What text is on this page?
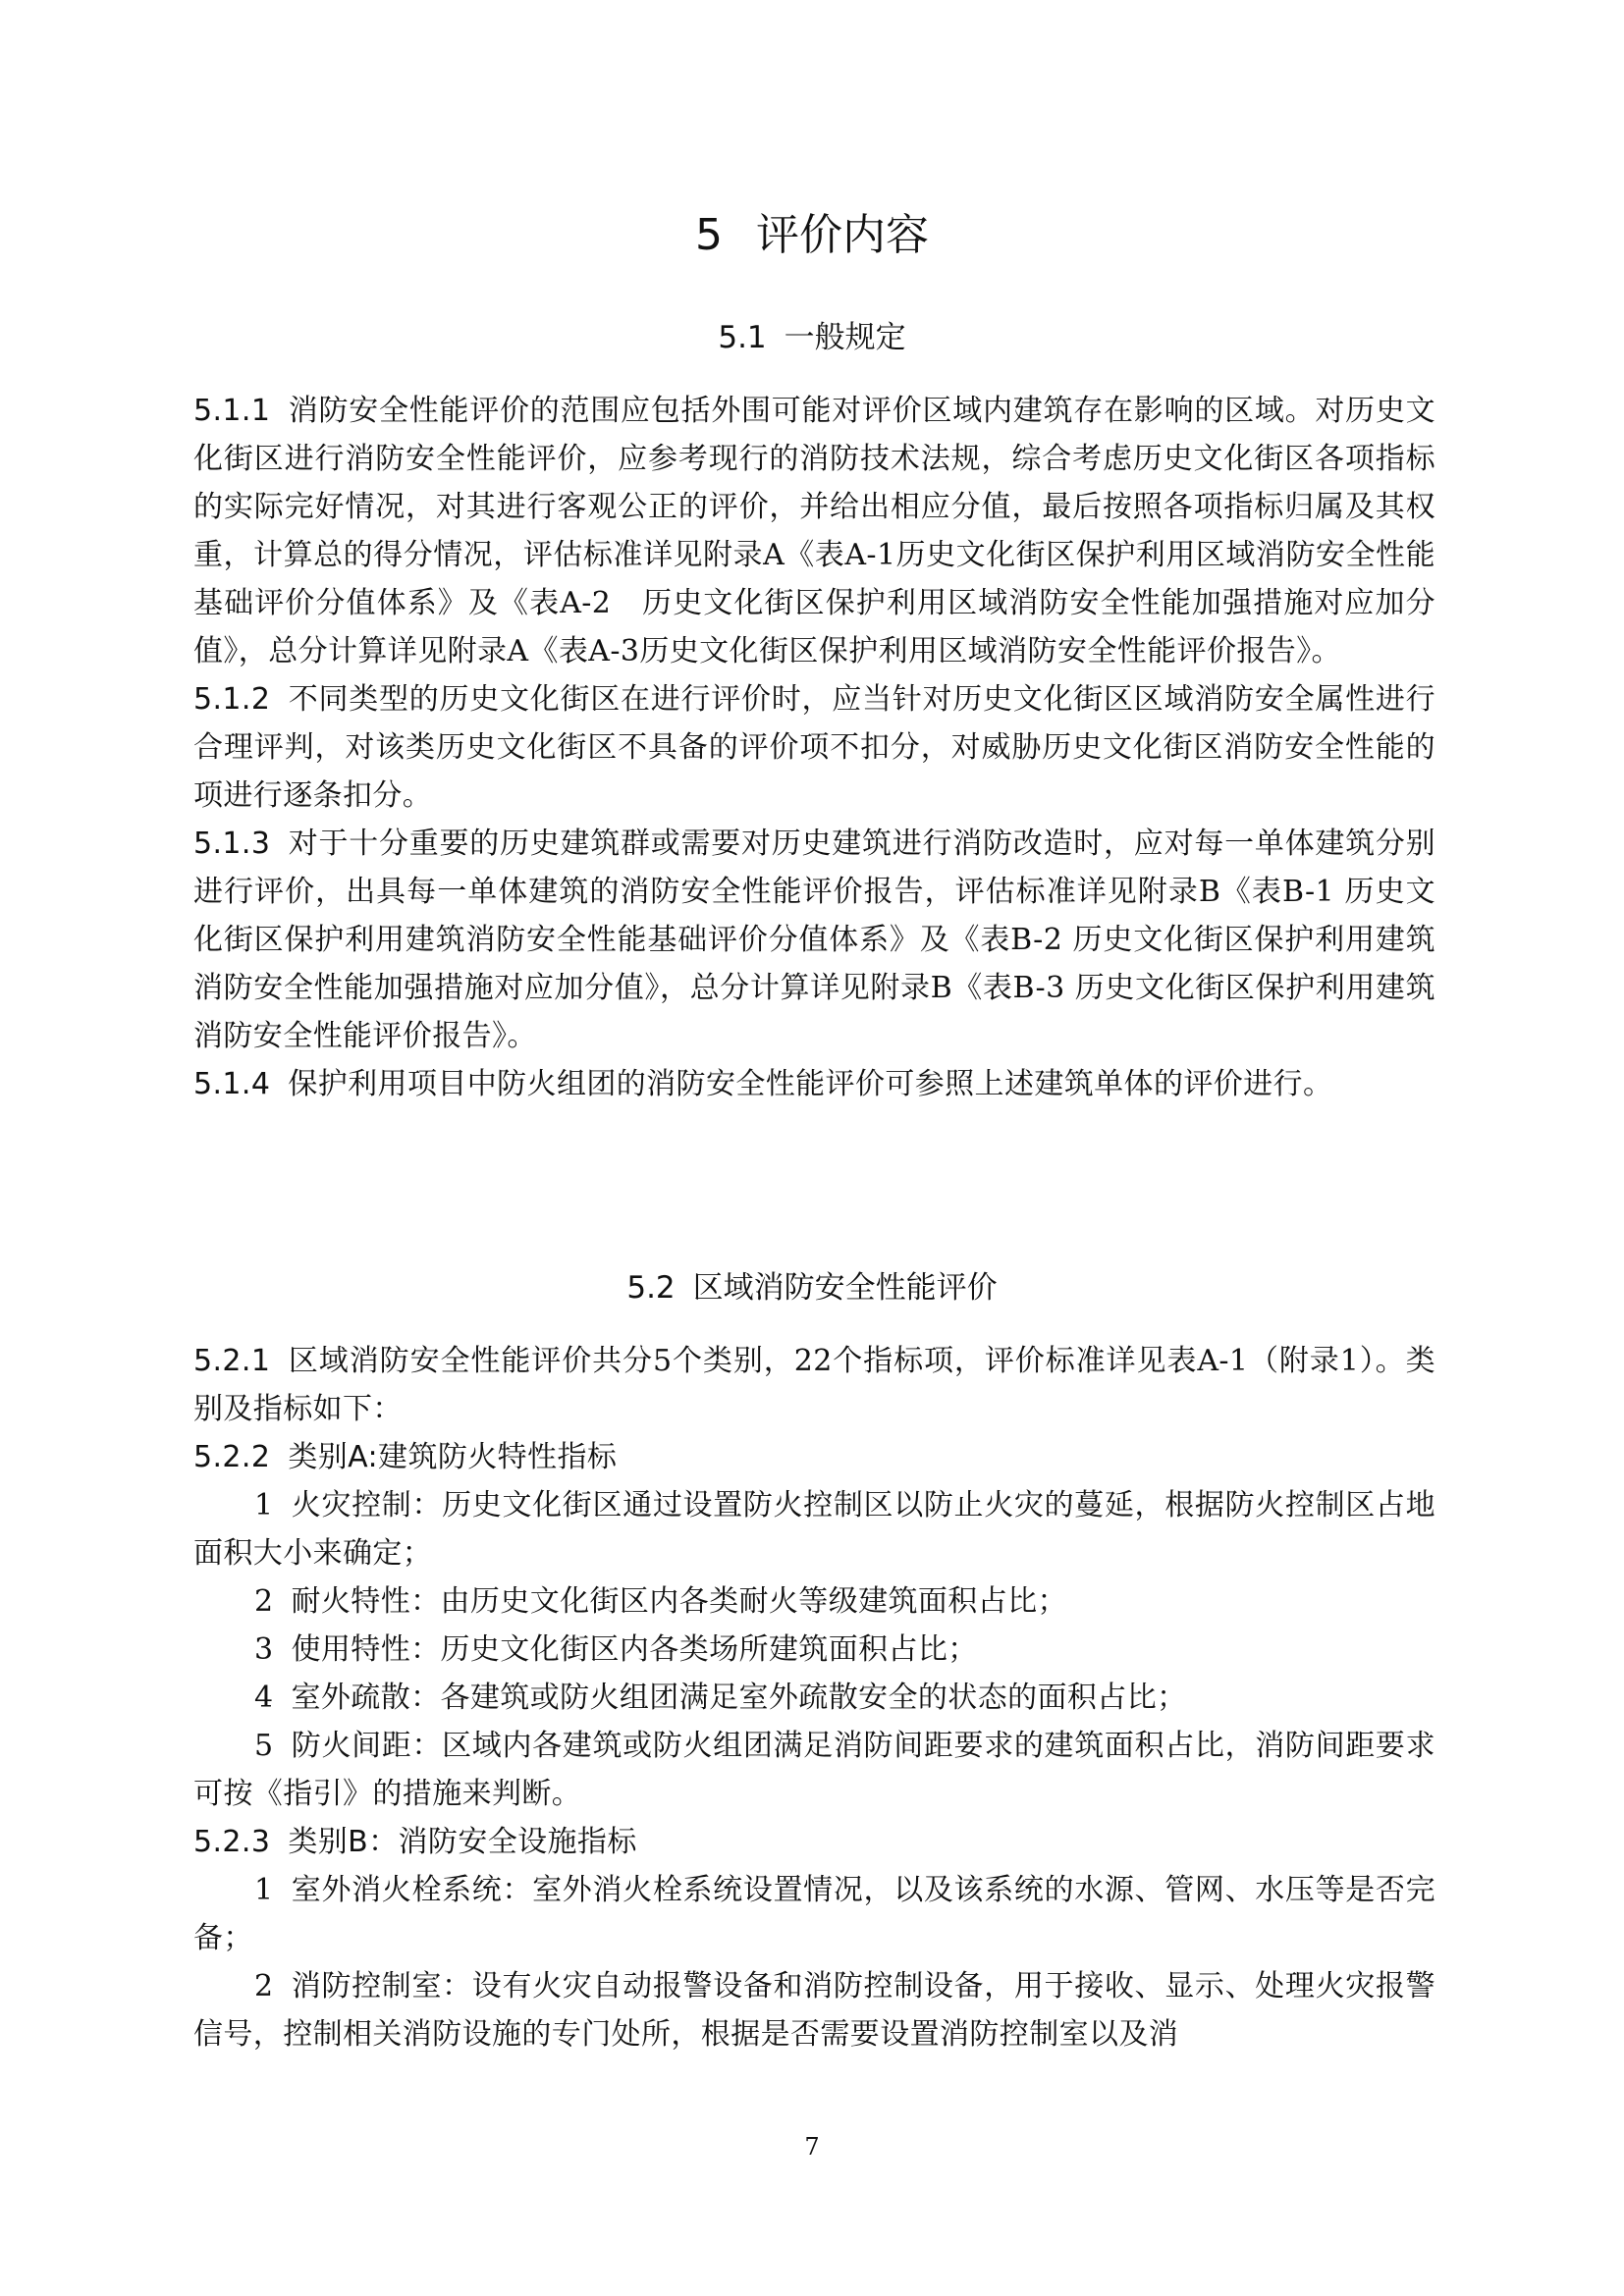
5 评价内容
5.1 一般规定
5.1.1 消防安全性能评价的范围应包括外围可能对评价区域内建筑存在影响的区域。对历史文化街区进行消防安全性能评价，应参考现行的消防技术法规，综合考虑历史文化街区各项指标的实际完好情况，对其进行客观公正的评价，并给出相应分值，最后按照各项指标归属及其权重，计算总的得分情况，评估标准详见附录A《表A-1历史文化街区保护利用区域消防安全性能基础评价分值体系》及《表A-2　历史文化街区保护利用区域消防安全性能加强措施对应加分值》，总分计算详见附录A《表A-3历史文化街区保护利用区域消防安全性能评价报告》。
5.1.2 不同类型的历史文化街区在进行评价时，应当针对历史文化街区区域消防安全属性进行合理评判，对该类历史文化街区不具备的评价项不扣分，对威胁历史文化街区消防安全性能的项进行逐条扣分。
5.1.3 对于十分重要的历史建筑群或需要对历史建筑进行消防改造时，应对每一单体建筑分别进行评价，出具每一单体建筑的消防安全性能评价报告，评估标准详见附录B《表B-1 历史文化街区保护利用建筑消防安全性能基础评价分值体系》及《表B-2 历史文化街区保护利用建筑消防安全性能加强措施对应加分值》，总分计算详见附录B《表B-3 历史文化街区保护利用建筑消防安全性能评价报告》。
5.1.4 保护利用项目中防火组团的消防安全性能评价可参照上述建筑单体的评价进行。
5.2 区域消防安全性能评价
5.2.1 区域消防安全性能评价共分5个类别，22个指标项，评价标准详见表A-1（附录1）。类别及指标如下：
5.2.2 类别A:建筑防火特性指标
1 火灾控制：历史文化街区通过设置防火控制区以防止火灾的蔓延，根据防火控制区占地面积大小来确定；
2 耐火特性：由历史文化街区内各类耐火等级建筑面积占比；
3 使用特性：历史文化街区内各类场所建筑面积占比；
4 室外疏散：各建筑或防火组团满足室外疏散安全的状态的面积占比；
5 防火间距：区域内各建筑或防火组团满足消防间距要求的建筑面积占比，消防间距要求可按《指引》的措施来判断。
5.2.3 类别B：消防安全设施指标
1 室外消火栓系统：室外消火栓系统设置情况，以及该系统的水源、管网、水压等是否完备；
2 消防控制室：设有火灾自动报警设备和消防控制设备，用于接收、显示、处理火灾报警信号，控制相关消防设施的专门处所，根据是否需要设置消防控制室以及消
7
